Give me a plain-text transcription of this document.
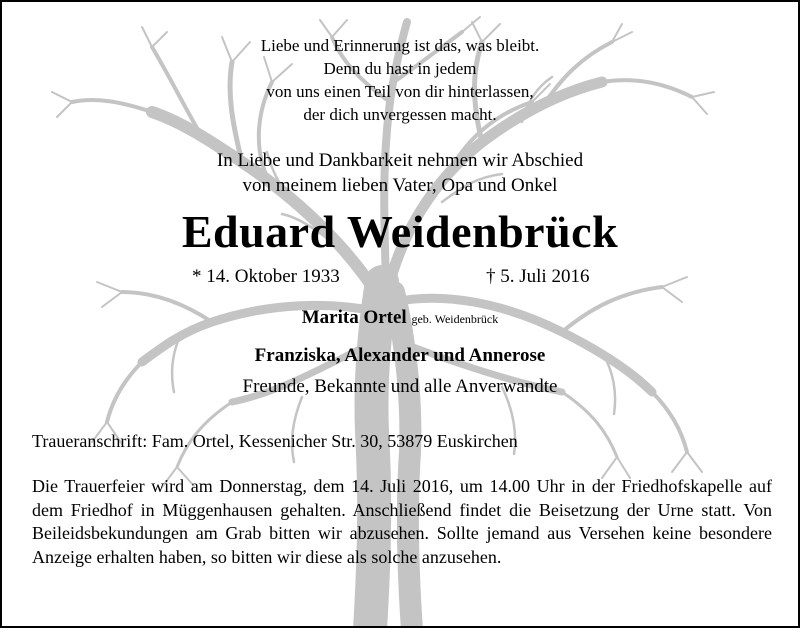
Liebe und Erinnerung ist das, was bleibt.
Denn du hast in jedem
von uns einen Teil von dir hinterlassen,
der dich unvergessen macht.
In Liebe und Dankbarkeit nehmen wir Abschied
von meinem lieben Vater, Opa und Onkel
Eduard Weidenbrück
* 14. Oktober 1933	† 5. Juli 2016
Marita Ortel geb. Weidenbrück
Franziska, Alexander und Annerose
Freunde, Bekannte und alle Anverwandte
Traueranschrift: Fam. Ortel, Kessenicher Str. 30, 53879 Euskirchen
Die Trauerfeier wird am Donnerstag, dem 14. Juli 2016, um 14.00 Uhr in der Friedhofskapelle auf dem Friedhof in Müggenhausen gehalten. Anschließend findet die Beisetzung der Urne statt. Von Beileidsbekundungen am Grab bitten wir abzusehen. Sollte jemand aus Versehen keine besondere Anzeige erhalten haben, so bitten wir diese als solche anzusehen.
